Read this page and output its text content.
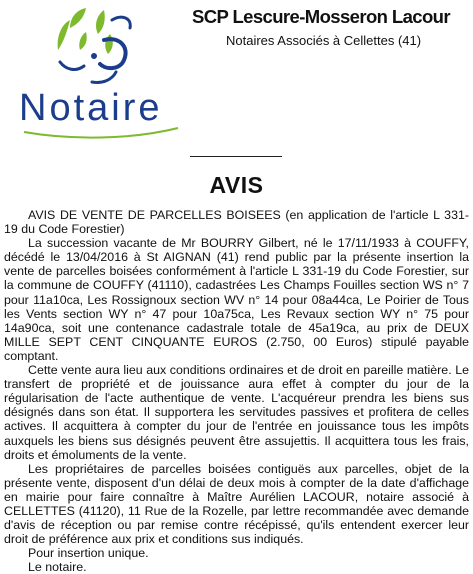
Notaire
SCP Lescure-Mosseron Lacour
Notaires Associés à Cellettes (41)
AVIS

AVIS DE VENTE DE PARCELLES BOISEES (en application de l'article L 331-19 du Code Forestier)

La succession vacante de Mr BOURRY Gilbert, né le 17/11/1933 à COUFFY, décédé le 13/04/2016 à St AIGNAN (41) rend public par la présente insertion la vente de parcelles boisées conformément à l'article L 331-19 du Code Forestier, sur la commune de COUFFY (41110), cadastrées Les Champs Fouilles section WS n° 7 pour 11a10ca, Les Rossignoux section WV n° 14 pour 08a44ca, Le Poirier de Tous les Vents section WY n° 47 pour 10a75ca, Les Revaux section WY n° 75 pour 14a90ca, soit une contenance cadastrale totale de 45a19ca, au prix de DEUX MILLE SEPT CENT CINQUANTE EUROS (2.750, 00 Euros) stipulé payable comptant.

Cette vente aura lieu aux conditions ordinaires et de droit en pareille matière. Le transfert de propriété et de jouissance aura effet à compter du jour de la régularisation de l'acte authentique de vente. L'acquéreur prendra les biens sus désignés dans son état. Il supportera les servitudes passives et profitera de celles actives. Il acquittera à compter du jour de l'entrée en jouissance tous les impôts auxquels les biens sus désignés peuvent être assujettis. Il acquittera tous les frais, droits et émoluments de la vente.

Les propriétaires de parcelles boisées contiguës aux parcelles, objet de la présente vente, disposent d'un délai de deux mois à compter de la date d'affichage en mairie pour faire connaître à Maître Aurélien LACOUR, notaire associé à CELLETTES (41120), 11 Rue de la Rozelle, par lettre recommandée avec demande d'avis de réception ou par remise contre récépissé, qu'ils entendent exercer leur droit de préférence aux prix et conditions sus indiqués.

Pour insertion unique.

Le notaire.
